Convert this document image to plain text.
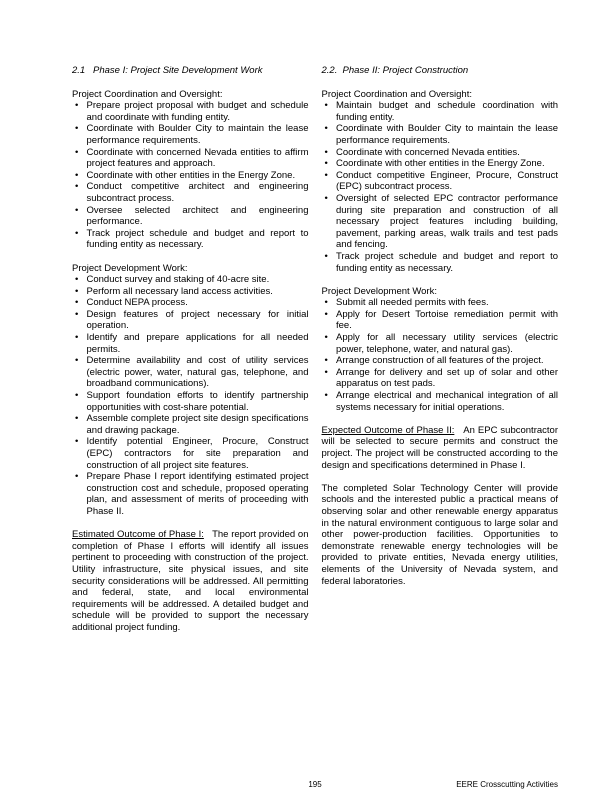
2.1 Phase I: Project Site Development Work

Project Coordination and Oversight:

• Prepare project proposal with budget and schedule and coordinate with funding entity.
• Coordinate with Boulder City to maintain the lease performance requirements.
• Coordinate with concerned Nevada entities to affirm project features and approach.
• Coordinate with other entities in the Energy Zone.
• Conduct competitive architect and engineering subcontract process.
• Oversee selected architect and engineering performance.
• Track project schedule and budget and report to funding entity as necessary.

Project Development Work:

• Conduct survey and staking of 40-acre site.
• Perform all necessary land access activities.
• Conduct NEPA process.
• Design features of project necessary for initial operation.
• Identify and prepare applications for all needed permits.
• Determine availability and cost of utility services (electric power, water, natural gas, telephone, and broadband communications).
• Support foundation efforts to identify partnership opportunities with cost-share potential.
• Assemble complete project site design specifications and drawing package.
• Identify potential Engineer, Procure, Construct (EPC) contractors for site preparation and construction of all project site features.
• Prepare Phase I report identifying estimated project construction cost and schedule, proposed operating plan, and assessment of merits of proceeding with Phase II.

Estimated Outcome of Phase I:   The report provided on completion of Phase I efforts will identify all issues pertinent to proceeding with construction of the project. Utility infrastructure, site physical issues, and site security considerations will be addressed. All permitting and federal, state, and local environmental requirements will be addressed. A detailed budget and schedule will be provided to support the necessary additional project funding.

2.2. Phase II: Project Construction

Project Coordination and Oversight:

• Maintain budget and schedule coordination with funding entity.
• Coordinate with Boulder City to maintain the lease performance requirements.
• Coordinate with concerned Nevada entities.
• Coordinate with other entities in the Energy Zone.
• Conduct competitive Engineer, Procure, Construct (EPC) subcontract process.
• Oversight of selected EPC contractor performance during site preparation and construction of all necessary project features including building, pavement, parking areas, walk trails and test pads and fencing.
• Track project schedule and budget and report to funding entity as necessary.

Project Development Work:

• Submit all needed permits with fees.
• Apply for Desert Tortoise remediation permit with fee.
• Apply for all necessary utility services (electric power, telephone, water, and natural gas).
• Arrange construction of all features of the project.
• Arrange for delivery and set up of solar and other apparatus on test pads.
• Arrange electrical and mechanical integration of all systems necessary for initial operations.

Expected Outcome of Phase II:   An EPC subcontractor will be selected to secure permits and construct the project. The project will be constructed according to the design and specifications determined in Phase I.

The completed Solar Technology Center will provide schools and the interested public a practical means of observing solar and other renewable energy apparatus in the natural environment contiguous to large solar and other power-production facilities. Opportunities to demonstrate renewable energy technologies will be provided to private entities, Nevada energy utilities, elements of the University of Nevada system, and federal laboratories.

195	EERE Crosscutting Activities
